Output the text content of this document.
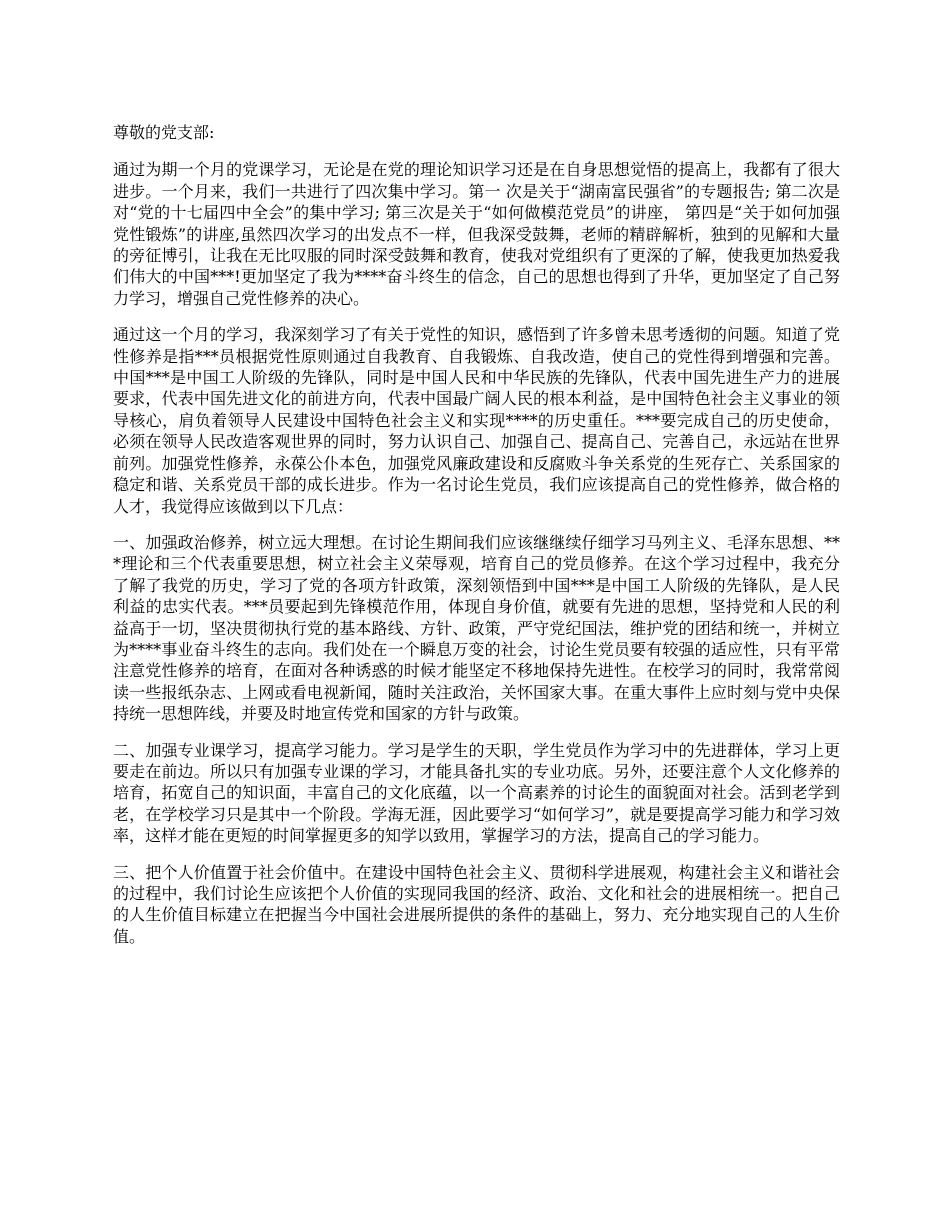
尊敬的党支部:

通过为期一个月的党课学习，无论是在党的理论知识学习还是在自身思想觉悟的提高上，我都有了很大进步。一个月来，我们一共进行了四次集中学习。第一 次是关于“湖南富民强省”的专题报告; 第二次是对“党的十七届四中全会”的集中学习; 第三次是关于“如何做模范党员”的讲座， 第四是“关于如何加强党性锻炼”的讲座,虽然四次学习的出发点不一样，但我深受鼓舞，老师的精辟解析，独到的见解和大量的旁征博引，让我在无比叹服的同时深受鼓舞和教育，使我对党组织有了更深的了解，使我更加热爱我们伟大的中国***!更加坚定了我为****奋斗终生的信念，自己的思想也得到了升华，更加坚定了自己努力学习，增强自己党性修养的决心。

通过这一个月的学习，我深刻学习了有关于党性的知识，感悟到了许多曾未思考透彻的问题。知道了党性修养是指***员根据党性原则通过自我教育、自我锻炼、自我改造，使自己的党性得到增强和完善。中国***是中国工人阶级的先锋队，同时是中国人民和中华民族的先锋队，代表中国先进生产力的进展要求，代表中国先进文化的前进方向，代表中国最广阔人民的根本利益，是中国特色社会主义事业的领导核心，肩负着领导人民建设中国特色社会主义和实现****的历史重任。***要完成自己的历史使命，必须在领导人民改造客观世界的同时，努力认识自己、加强自己、提高自己、完善自己，永远站在世界前列。加强党性修养，永葆公仆本色，加强党风廉政建设和反腐败斗争关系党的生死存亡、关系国家的稳定和谐、关系党员干部的成长进步。作为一名讨论生党员，我们应该提高自己的党性修养，做合格的人才，我觉得应该做到以下几点：

一、加强政治修养，树立远大理想。在讨论生期间我们应该继继续仔细学习马列主义、毛泽东思想、***理论和三个代表重要思想，树立社会主义荣辱观，培育自己的党员修养。在这个学习过程中，我充分了解了我党的历史，学习了党的各项方针政策，深刻领悟到中国***是中国工人阶级的先锋队，是人民利益的忠实代表。***员要起到先锋模范作用，体现自身价值，就要有先进的思想，坚持党和人民的利益高于一切，坚决贯彻执行党的基本路线、方针、政策，严守党纪国法，维护党的团结和统一，并树立为****事业奋斗终生的志向。我们处在一个瞬息万变的社会，讨论生党员要有较强的适应性，只有平常注意党性修养的培育，在面对各种诱惑的时候才能坚定不移地保持先进性。在校学习的同时，我常常阅读一些报纸杂志、上网或看电视新闻，随时关注政治，关怀国家大事。在重大事件上应时刻与党中央保持统一思想阵线，并要及时地宣传党和国家的方针与政策。

二、加强专业课学习，提高学习能力。学习是学生的天职，学生党员作为学习中的先进群体，学习上更要走在前边。所以只有加强专业课的学习，才能具备扎实的专业功底。另外，还要注意个人文化修养的培育，拓宽自己的知识面，丰富自己的文化底蕴，以一个高素养的讨论生的面貌面对社会。活到老学到老，在学校学习只是其中一个阶段。学海无涯，因此要学习“如何学习”，就是要提高学习能力和学习效率，这样才能在更短的时间掌握更多的知学以致用，掌握学习的方法，提高自己的学习能力。

三、把个人价值置于社会价值中。在建设中国特色社会主义、贯彻科学进展观，构建社会主义和谐社会的过程中，我们讨论生应该把个人价值的实现同我国的经济、政治、文化和社会的进展相统一。把自己的人生价值目标建立在把握当今中国社会进展所提供的条件的基础上，努力、充分地实现自己的人生价值。
